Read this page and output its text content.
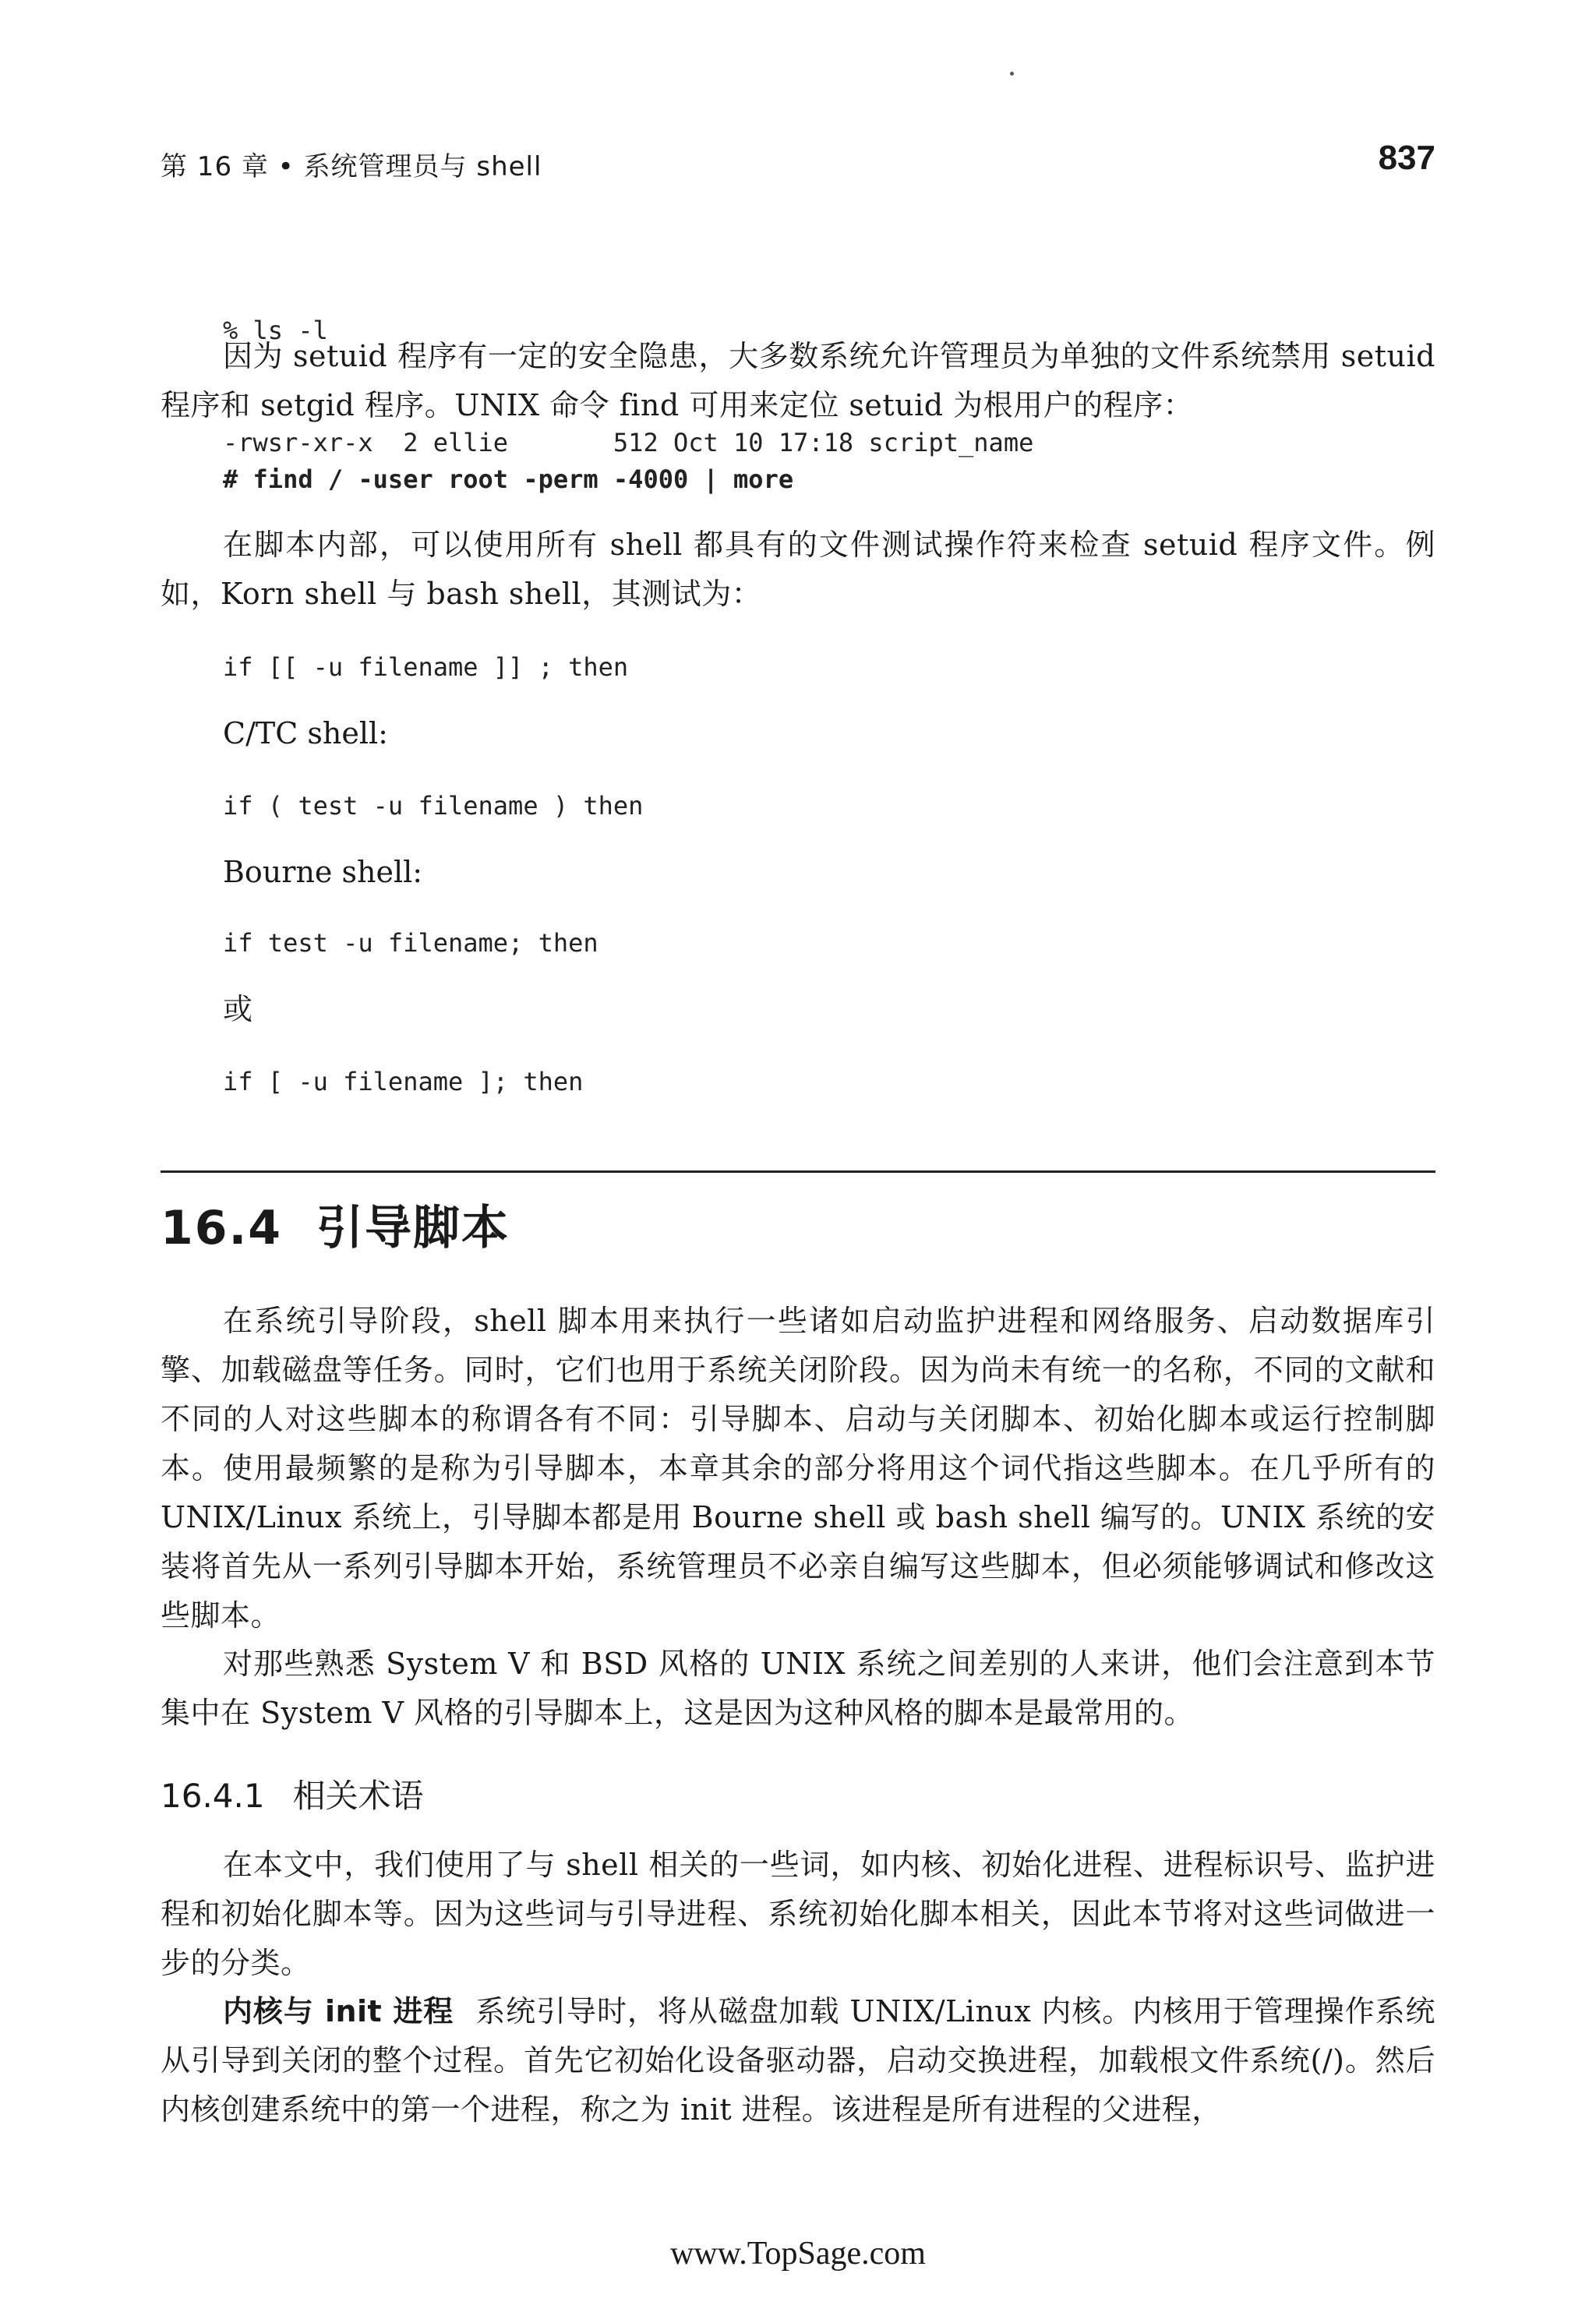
第 16 章 • 系统管理员与 shell	837

% ls -l

-rwsr-xr-x  2 ellie       512 Oct 10 17:18 script_name

因为 setuid 程序有一定的安全隐患，大多数系统允许管理员为单独的文件系统禁用 setuid 程序和 setgid 程序。UNIX 命令 find 可用来定位 setuid 为根用户的程序：
# find / -user root -perm -4000 | more
在脚本内部，可以使用所有 shell 都具有的文件测试操作符来检查 setuid 程序文件。例如，Korn shell 与 bash shell，其测试为：
if [[ -u filename ]] ; then
C/TC shell:
if ( test -u filename ) then
Bourne shell:
if test -u filename; then
或
if [ -u filename ]; then
16.4 引导脚本
在系统引导阶段，shell 脚本用来执行一些诸如启动监护进程和网络服务、启动数据库引擎、加载磁盘等任务。同时，它们也用于系统关闭阶段。因为尚未有统一的名称，不同的文献和不同的人对这些脚本的称谓各有不同：引导脚本、启动与关闭脚本、初始化脚本或运行控制脚本。使用最频繁的是称为引导脚本，本章其余的部分将用这个词代指这些脚本。在几乎所有的 UNIX/Linux 系统上，引导脚本都是用 Bourne shell 或 bash shell 编写的。UNIX 系统的安装将首先从一系列引导脚本开始，系统管理员不必亲自编写这些脚本，但必须能够调试和修改这些脚本。
对那些熟悉 System V 和 BSD 风格的 UNIX 系统之间差别的人来讲，他们会注意到本节集中在 System V 风格的引导脚本上，这是因为这种风格的脚本是最常用的。
16.4.1 相关术语
在本文中，我们使用了与 shell 相关的一些词，如内核、初始化进程、进程标识号、监护进程和初始化脚本等。因为这些词与引导进程、系统初始化脚本相关，因此本节将对这些词做进一步的分类。
内核与 init 进程 系统引导时，将从磁盘加载 UNIX/Linux 内核。内核用于管理操作系统从引导到关闭的整个过程。首先它初始化设备驱动器，启动交换进程，加载根文件系统(/)。然后内核创建系统中的第一个进程，称之为 init 进程。该进程是所有进程的父进程，
www.TopSage.com
